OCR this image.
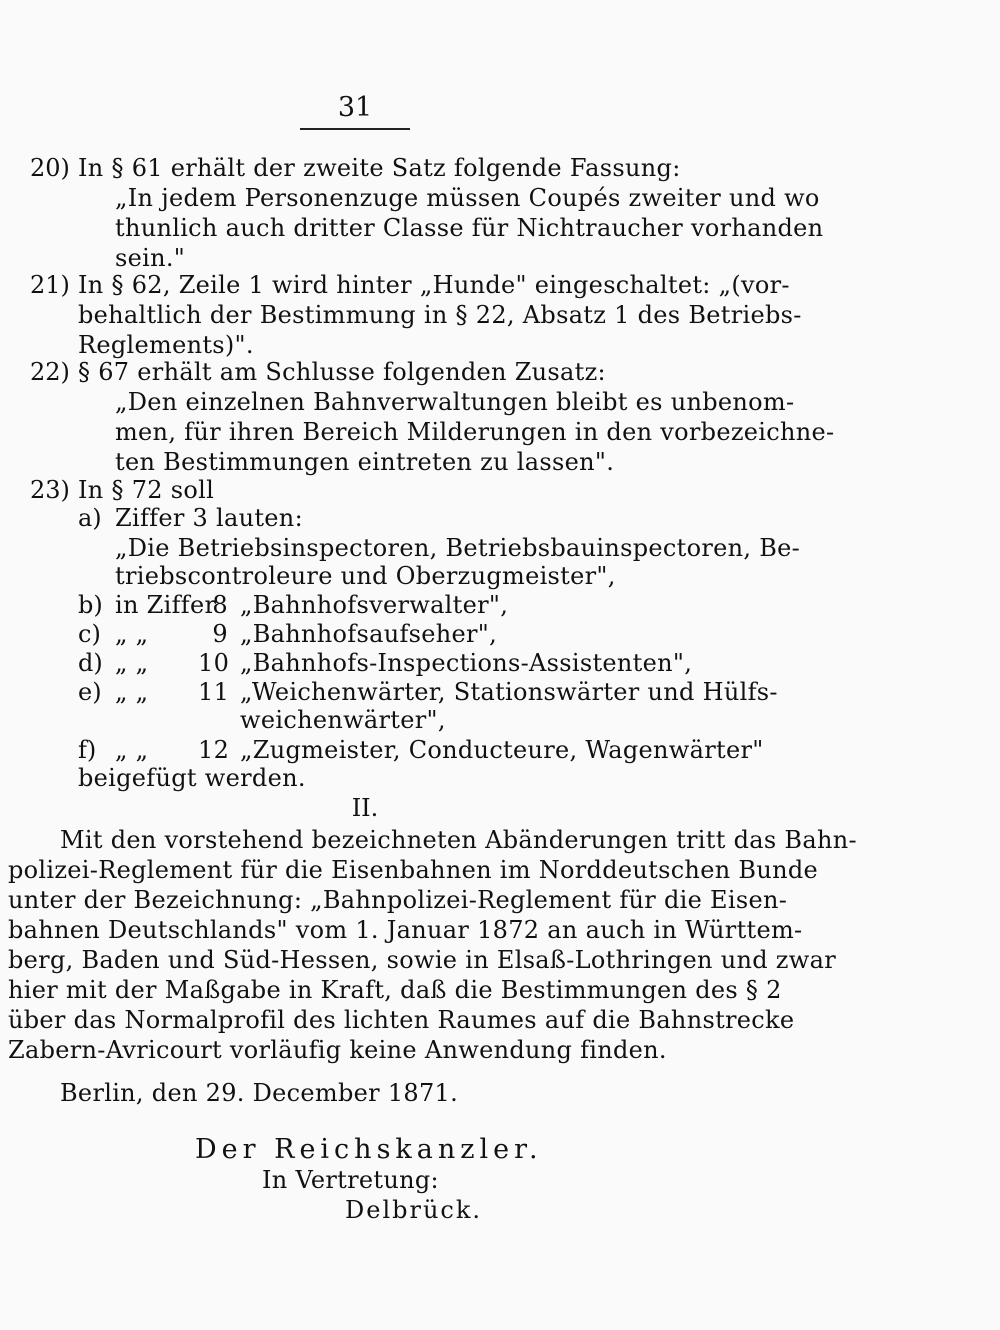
31
20) In § 61 erhält der zweite Satz folgende Fassung:
„In jedem Personenzuge müssen Coupés zweiter und wo
thunlich auch dritter Classe für Nichtraucher vorhanden
sein."
21) In § 62, Zeile 1 wird hinter „Hunde" eingeschaltet: „(vor-
behaltlich der Bestimmung in § 22, Absatz 1 des Betriebs-
Reglements)".
22) § 67 erhält am Schlusse folgenden Zusatz:
„Den einzelnen Bahnverwaltungen bleibt es unbenom-
men, für ihren Bereich Milderungen in den vorbezeichne-
ten Bestimmungen eintreten zu lassen".
23) In § 72 soll
a) Ziffer 3 lauten:
„Die Betriebsinspectoren, Betriebsbauinspectoren, Be-
triebscontroleure und Oberzugmeister",
b) in Ziffer
8 „Bahnhofsverwalter",
c) „ „	9 „Bahnhofsaufseher",
d) „ „ 10 „Bahnhofs-Inspections-Assistenten",
e) „ „ 11 „Weichenwärter, Stationswärter und Hülfs-
weichenwärter",
f) „ „ 12 „Zugmeister, Conducteure, Wagenwärter"
beigefügt werden.
II.
Mit den vorstehend bezeichneten Abänderungen tritt das Bahn-
polizei-Reglement für die Eisenbahnen im Norddeutschen Bunde
unter der Bezeichnung: „Bahnpolizei-Reglement für die Eisen-
bahnen Deutschlands" vom 1. Januar 1872 an auch in Württem-
berg, Baden und Süd-Hessen, sowie in Elsaß-Lothringen und zwar
hier mit der Maßgabe in Kraft, daß die Bestimmungen des § 2
über das Normalprofil des lichten Raumes auf die Bahnstrecke
Zabern-Avricourt vorläufig keine Anwendung finden.
Berlin, den 29. December 1871.
Der Reichskanzler.
In Vertretung:
Delbrück.
